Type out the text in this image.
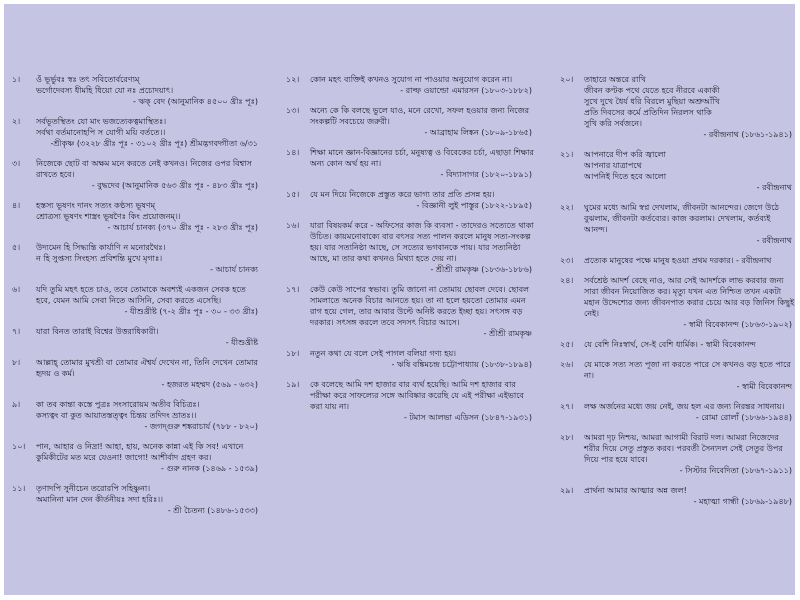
১।	ওঁ ভূর্ভুবঃ স্বঃ তৎ সবিতোর্বরেণ্যম্
ভর্গোদেবস্য ধীমহি ধিয়ো যো নঃ প্রচোদয়াৎ।
- ঋক্ বেদ (আনুমানিক ৪৫০০ খ্রীঃ পূঃ)
২।	সর্বভূতস্থিতং যো মাং ভজত্যেকত্বমাস্থিতঃ।
সর্বথা বর্তমানোহপি স যোগী ময়ি বর্ততে।।
-শ্রীকৃষ্ণ (৩২২৮ খ্রীঃ পূঃ - ৩১০২ খ্রীঃ পূঃ) শ্রীমদ্ভগবদ্গীতা ৬/৩১
৩।	নিজেকে ছোট বা অক্ষম মনে করতে নেই কখনও। নিজের ওপর বিশ্বাস রাখতে হবে।
- বুদ্ধদেব (আনুমানিক ৫৬৩ খ্রীঃ পূঃ - ৪৮৩ খ্রীঃ পূঃ)
৪।	হস্তস্য ভূষণং দানং সত্যং কণ্ঠস্য ভূষণম্
শ্রোত্রস্য ভূষণং শাস্ত্রং ভূষণৈঃ কিং প্রয়োজনম্।।
- আচার্য চানক্য (৩৭০ খ্রীঃ পূঃ - ২৮৩ খ্রীঃ পূঃ)
৫।	উদ্যমেন হি সিদ্ধ্যন্তি কার্যাণি ন মনোরথৈঃ।
ন হি সুপ্তস্য সিংহস্য প্রবিশন্তি মুখে মৃগাঃ।
- আচার্য চানক্য
৬।	যদি তুমি মহৎ হতে চাও, তবে তোমাকে অবশ্যই একজন সেবক হতে হবে, যেমন আমি সেবা নিতে আসিনি, সেবা করতে এসেছি।
- যীশুখ্রীষ্ট (৭-২ খ্রীঃ পূঃ - ৩০ - ৩৩ খ্রীঃ)
৭।	যারা বিনত তারাই বিশ্বের উত্তরাধিকারী।
- যীশুখ্রীষ্ট
৮।	আল্লাহ্ তোমার মুখশ্রী বা তোমার ঐশ্বর্য দেখেন না, তিনি দেখেন তোমার হৃদয় ও কর্ম।
- হজরত মহম্মদ (৫৬৯ - ৬৩২)
৯।	কা তব কান্তা কস্তে পুত্রঃ সংসারোয়ম অতীব বিচিত্রঃ।
কস্যত্বং বা কুত আয়াতস্তত্ত্বং চিন্তয় তদিদং ভ্রাতঃ।।
- জগদ্গুরু শঙ্করাচার্য (৭৮৮ - ৮২০)
১০।	পান, আহার ও নিদ্রা! আহা, হায়, অনেক কান্না এই কি সব! এখানে কুমিকীটের মত মরে যেওনা! জাগো! আশীর্বাদ গ্রহণ কর।
- গুরু নানক (১৪৬৯ - ১৫৩৯)
১১।	তৃণাদপি সুনীচেন তরোরপি সহিষ্ণুনা।
অমানিনা মান দেন কীর্তনীয়ঃ সদা হরিঃ।।
- শ্রী চৈতন্য (১৪৮৬-১৫৩৩)
১২।	কোন মহৎ ব্যক্তিই কখনও সুযোগ না পাওয়ার অনুযোগ করেন না।
- রাল্ফ ওয়াল্ডো এমারসন (১৮০৩-১৮৮২)
১৩।	অন্যে কে কি বলছে ভুলে যাও, মনে রেখো, সফল হওয়ার জন্য নিজের সংকল্পটি সবচেয়ে জরুরী।
- আব্রাহাম লিঙ্কন (১৮০৯-১৮৬৫)
১৪।	শিক্ষা মানে জ্ঞান-বিজ্ঞানের চর্চা, মনুষ্যত্ব ও বিবেকের চর্চা, এছাড়া শিক্ষার অন্য কোন অর্থ হয় না।
- বিদ্যাসাগর (১৮২০-১৮৯১)
১৫।	যে মন দিয়ে নিজেকে প্রস্তুত করে ভাগ্য তার প্রতি প্রসন্ন হয়।
- বিজ্ঞানী লুই পাস্তুর (১৮২২-১৮৯৫)
১৬।	যারা বিষয়কর্ম করে - অফিসের কাজ কি ব্যবসা - তাদেরও সত্যেতে থাকা উচিত। কায়মনোবাক্যে বার বৎসর সত্য পালন করলে মানুষ সত্য-সংকল্প হয়। যার সত্যনিষ্ঠা আছে, সে সত্যের ভগবানকে পায়। যার সত্যনিষ্ঠা আছে, মা তার কথা কখনও মিথ্যা হতে দেয় না।
- শ্রীশ্রী রামকৃষ্ণ (১৮৩৬-১৮৮৬)
১৭।	কেউ কেউ সাপের স্বভাব। তুমি জানো না তোমায় ছোবল দেবে। ছোবল সামলাতে অনেক বিচার আনতে হয়। তা না হলে হয়তো তোমার এমন রাগ হয়ে গেল, তার আবার উল্টে অনিষ্ট করতে ইচ্ছা হয়। সৎসঙ্গ বড় দরকার। সৎসঙ্গ করলে তবে সদসৎ বিচার আসে।
- শ্রীশ্রী রামকৃষ্ণ
১৮।	নতুন কথা যে বলে সেই পাগল বলিয়া গণ্য হয়।
- ঋষি বঙ্কিমচন্দ্র চট্টোপাধ্যায় (১৮৩৮-১৮৯৪)
১৯।	কে বলেছে আমি দশ হাজার বার ব্যর্থ হয়েছি। আমি দশ হাজার বার পরীক্ষা করে সাফল্যের সঙ্গে আবিষ্কার করেছি যে এই পরীক্ষা এইভাবে করা যায় না।
- টমাস আলভা এডিসন (১৮৪৭-১৯৩১)
২০।	তাহারে অন্তরে রাখি
জীবন কণ্টক পথে যেতে হবে নীরবে একাকী
সুখে দুখে ধৈর্য ধরি বিরলে মুছিয়া অশ্রুআঁখি
প্রতি দিবসের কর্মে প্রতিদিন নিরলস থাকি
সুখি করি সর্বজনে।
- রবীন্দ্রনাথ (১৮৬১-১৯৪১)
২১।	আপনারে দীপ করি জ্বালো
আপনার যাত্রাপথে
আপনিই দিতে হবে আলো
- রবীন্দ্রনাথ
২২।	ঘুমের মধ্যে আমি স্বপ্ন দেখলাম, জীবনটা আনন্দের। জেগে উঠে বুঝলাম, জীবনটা কর্তব্যের। কাজ করলাম। দেখলাম, কর্তব্যই আনন্দ।
- রবীন্দ্রনাথ
২৩।	প্রত্যেক মানুষের পক্ষে মানুষ হওয়া প্রথম দরকার। - রবীন্দ্রনাথ
২৪।	সর্বশ্রেষ্ঠ আদর্শ বেছে নাও, আর সেই আদর্শকে লাভ করবার জন্য সারা জীবন নিয়োজিত কর। মৃত্যু যখন এত নিশ্চিত তখন একটা মহান উদ্দেশ্যের জন্য জীবনপাত করার চেয়ে আর বড় জিনিস কিছুই নেই।
- স্বামী বিবেকানন্দ (১৮৬৩-১৯০২)
২৫।	যে বেশি নিঃস্বার্থ, সে-ই বেশি ধার্মিক। - স্বামী বিবেকানন্দ
২৬।	যে মাকে সত্য সত্য পূজা না করতে পারে সে কখনও বড় হতে পারে না।
- স্বামী বিবেকানন্দ
২৭।	লক্ষ অর্জনের মধ্যে জয় নেই, জয় হল এর জন্য নিরন্তর সাধনায়।
- রোমা রোলাঁ (১৮৬৬-১৯৪৪)
২৮।	আমরা দৃঢ় নিশ্চয়, আমরা আগামী বিরাট দল। আমরা নিজেদের শরীর দিয়ে সেতু প্রস্তুত করব। পরবর্তী সৈন্যদল সেই সেতুর উপর দিয়ে পার হয়ে যাবে।
- সিস্টার নিবেদিতা (১৮৬৭-১৯১১)
২৯।	প্রার্থনা আমার আত্মার অন্ন জল!
- মহাত্মা গান্ধী (১৮৬৯-১৯৪৮)
